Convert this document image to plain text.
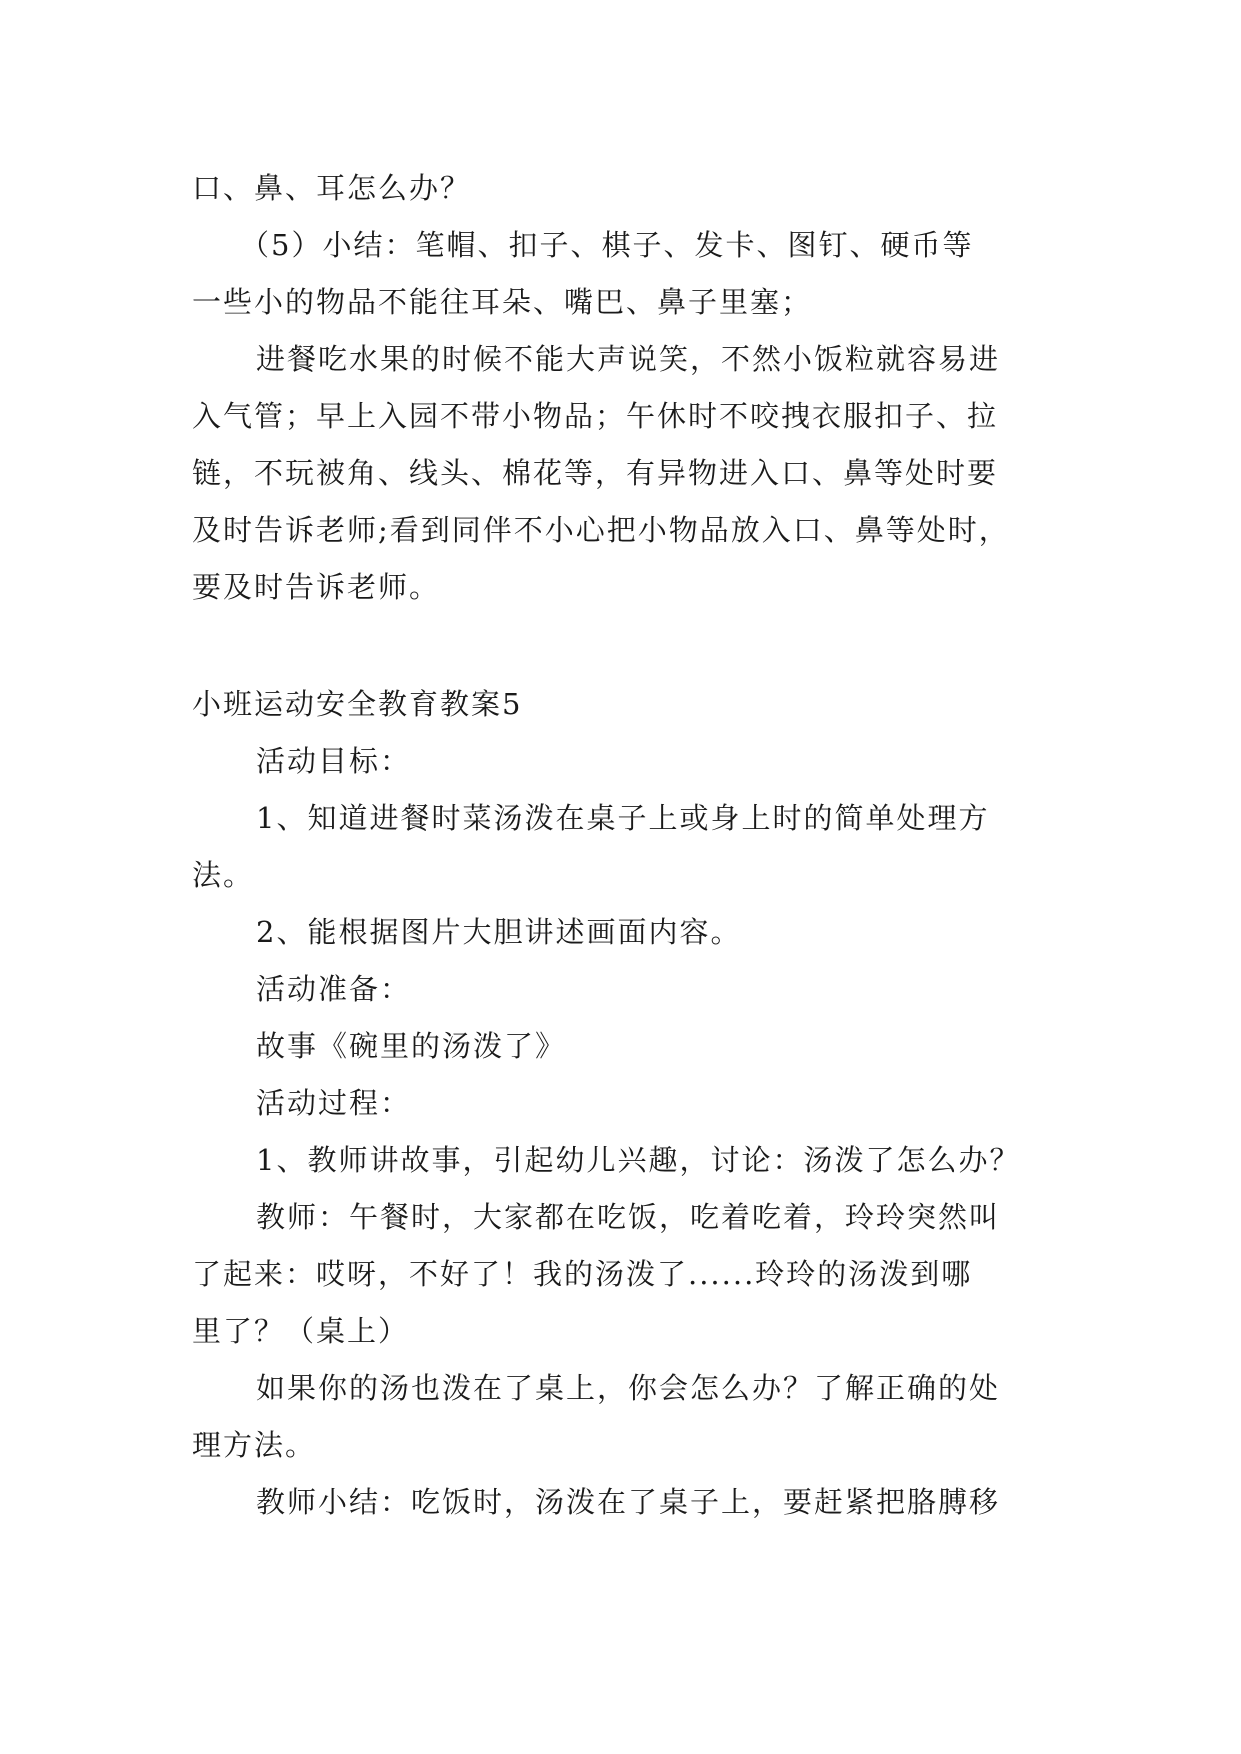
口、鼻、耳怎么办？

（5）小结：笔帽、扣子、棋子、发卡、图钉、硬币等

一些小的物品不能往耳朵、嘴巴、鼻子里塞；

进餐吃水果的时候不能大声说笑，不然小饭粒就容易进

入气管；早上入园不带小物品；午休时不咬拽衣服扣子、拉

链，不玩被角、线头、棉花等，有异物进入口、鼻等处时要

及时告诉老师;看到同伴不小心把小物品放入口、鼻等处时，

要及时告诉老师。

小班运动安全教育教案5

活动目标：

1、知道进餐时菜汤泼在桌子上或身上时的简单处理方

法。

2、能根据图片大胆讲述画面内容。

活动准备：

故事《碗里的汤泼了》

活动过程：

1、教师讲故事，引起幼儿兴趣，讨论：汤泼了怎么办？

教师：午餐时，大家都在吃饭，吃着吃着，玲玲突然叫

了起来：哎呀，不好了！我的汤泼了......玲玲的汤泼到哪

里了？（桌上）

如果你的汤也泼在了桌上，你会怎么办？了解正确的处

理方法。

教师小结：吃饭时，汤泼在了桌子上，要赶紧把胳膊移
